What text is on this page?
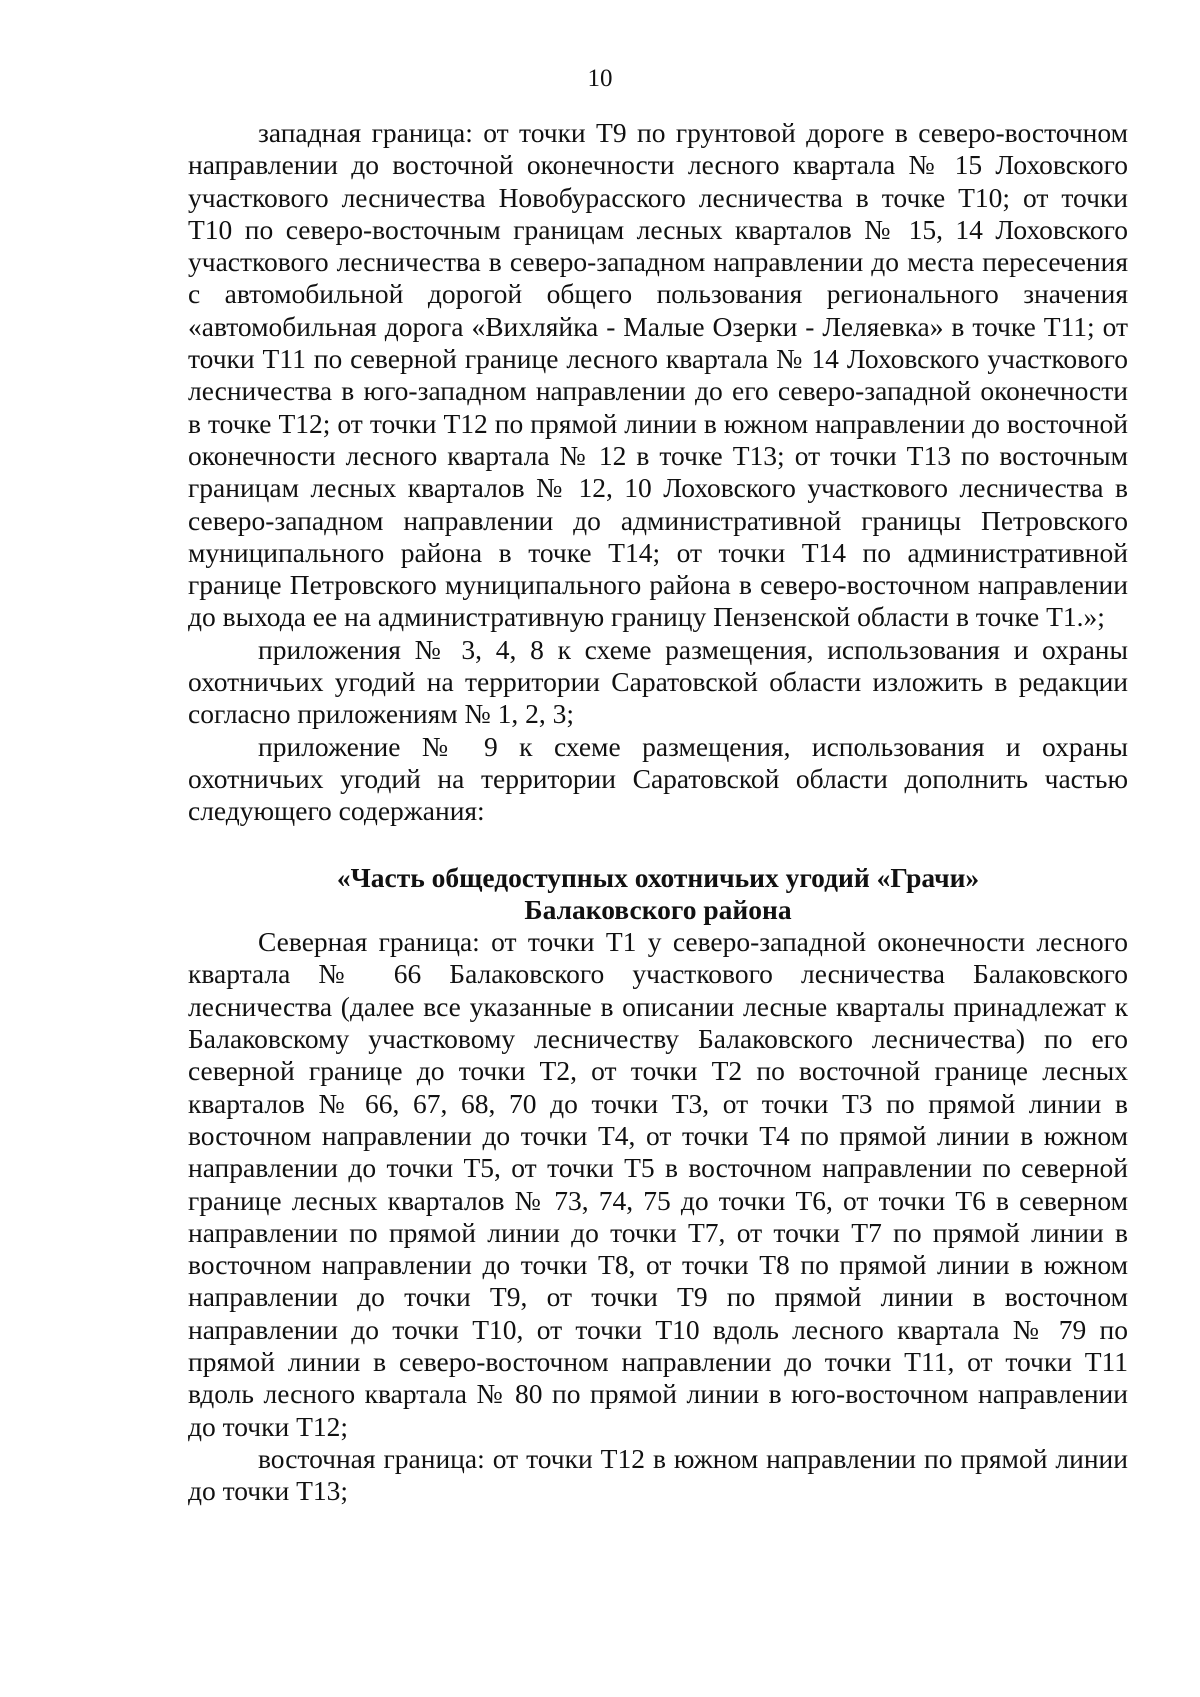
10

западная граница: от точки Т9 по грунтовой дороге в северо-восточном направлении до восточной оконечности лесного квартала № 15 Лоховского участкового лесничества Новобурасского лесничества в точке Т10; от точки Т10 по северо-восточным границам лесных кварталов № 15, 14 Лоховского участкового лесничества в северо-западном направлении до места пересечения с автомобильной дорогой общего пользования регионального значения «автомобильная дорога «Вихляйка - Малые Озерки - Леляевка» в точке Т11; от точки Т11 по северной границе лесного квартала № 14 Лоховского участкового лесничества в юго-западном направлении до его северо-западной оконечности в точке Т12; от точки Т12 по прямой линии в южном направлении до восточной оконечности лесного квартала № 12 в точке Т13; от точки Т13 по восточным границам лесных кварталов № 12, 10 Лоховского участкового лесничества в северо-западном направлении до административной границы Петровского муниципального района в точке Т14; от точки Т14 по административной границе Петровского муниципального района в северо-восточном направлении до выхода ее на административную границу Пензенской области в точке Т1.»;

приложения № 3, 4, 8 к схеме размещения, использования и охраны охотничьих угодий на территории Саратовской области изложить в редакции согласно приложениям № 1, 2, 3;

приложение № 9 к схеме размещения, использования и охраны охотничьих угодий на территории Саратовской области дополнить частью следующего содержания:

«Часть общедоступных охотничьих угодий «Грачи»

Балаковского района

Северная граница: от точки Т1 у северо-западной оконечности лесного квартала № 66 Балаковского участкового лесничества Балаковского лесничества (далее все указанные в описании лесные кварталы принадлежат к Балаковскому участковому лесничеству Балаковского лесничества) по его северной границе до точки Т2, от точки Т2 по восточной границе лесных кварталов № 66, 67, 68, 70 до точки Т3, от точки Т3 по прямой линии в восточном направлении до точки Т4, от точки Т4 по прямой линии в южном направлении до точки Т5, от точки Т5 в восточном направлении по северной границе лесных кварталов № 73, 74, 75 до точки Т6, от точки Т6 в северном направлении по прямой линии до точки Т7, от точки Т7 по прямой линии в восточном направлении до точки Т8, от точки Т8 по прямой линии в южном направлении до точки Т9, от точки Т9 по прямой линии в восточном направлении до точки Т10, от точки Т10 вдоль лесного квартала № 79 по прямой линии в северо-восточном направлении до точки Т11, от точки Т11 вдоль лесного квартала № 80 по прямой линии в юго-восточном направлении до точки Т12;

восточная граница: от точки Т12 в южном направлении по прямой линии до точки Т13;
